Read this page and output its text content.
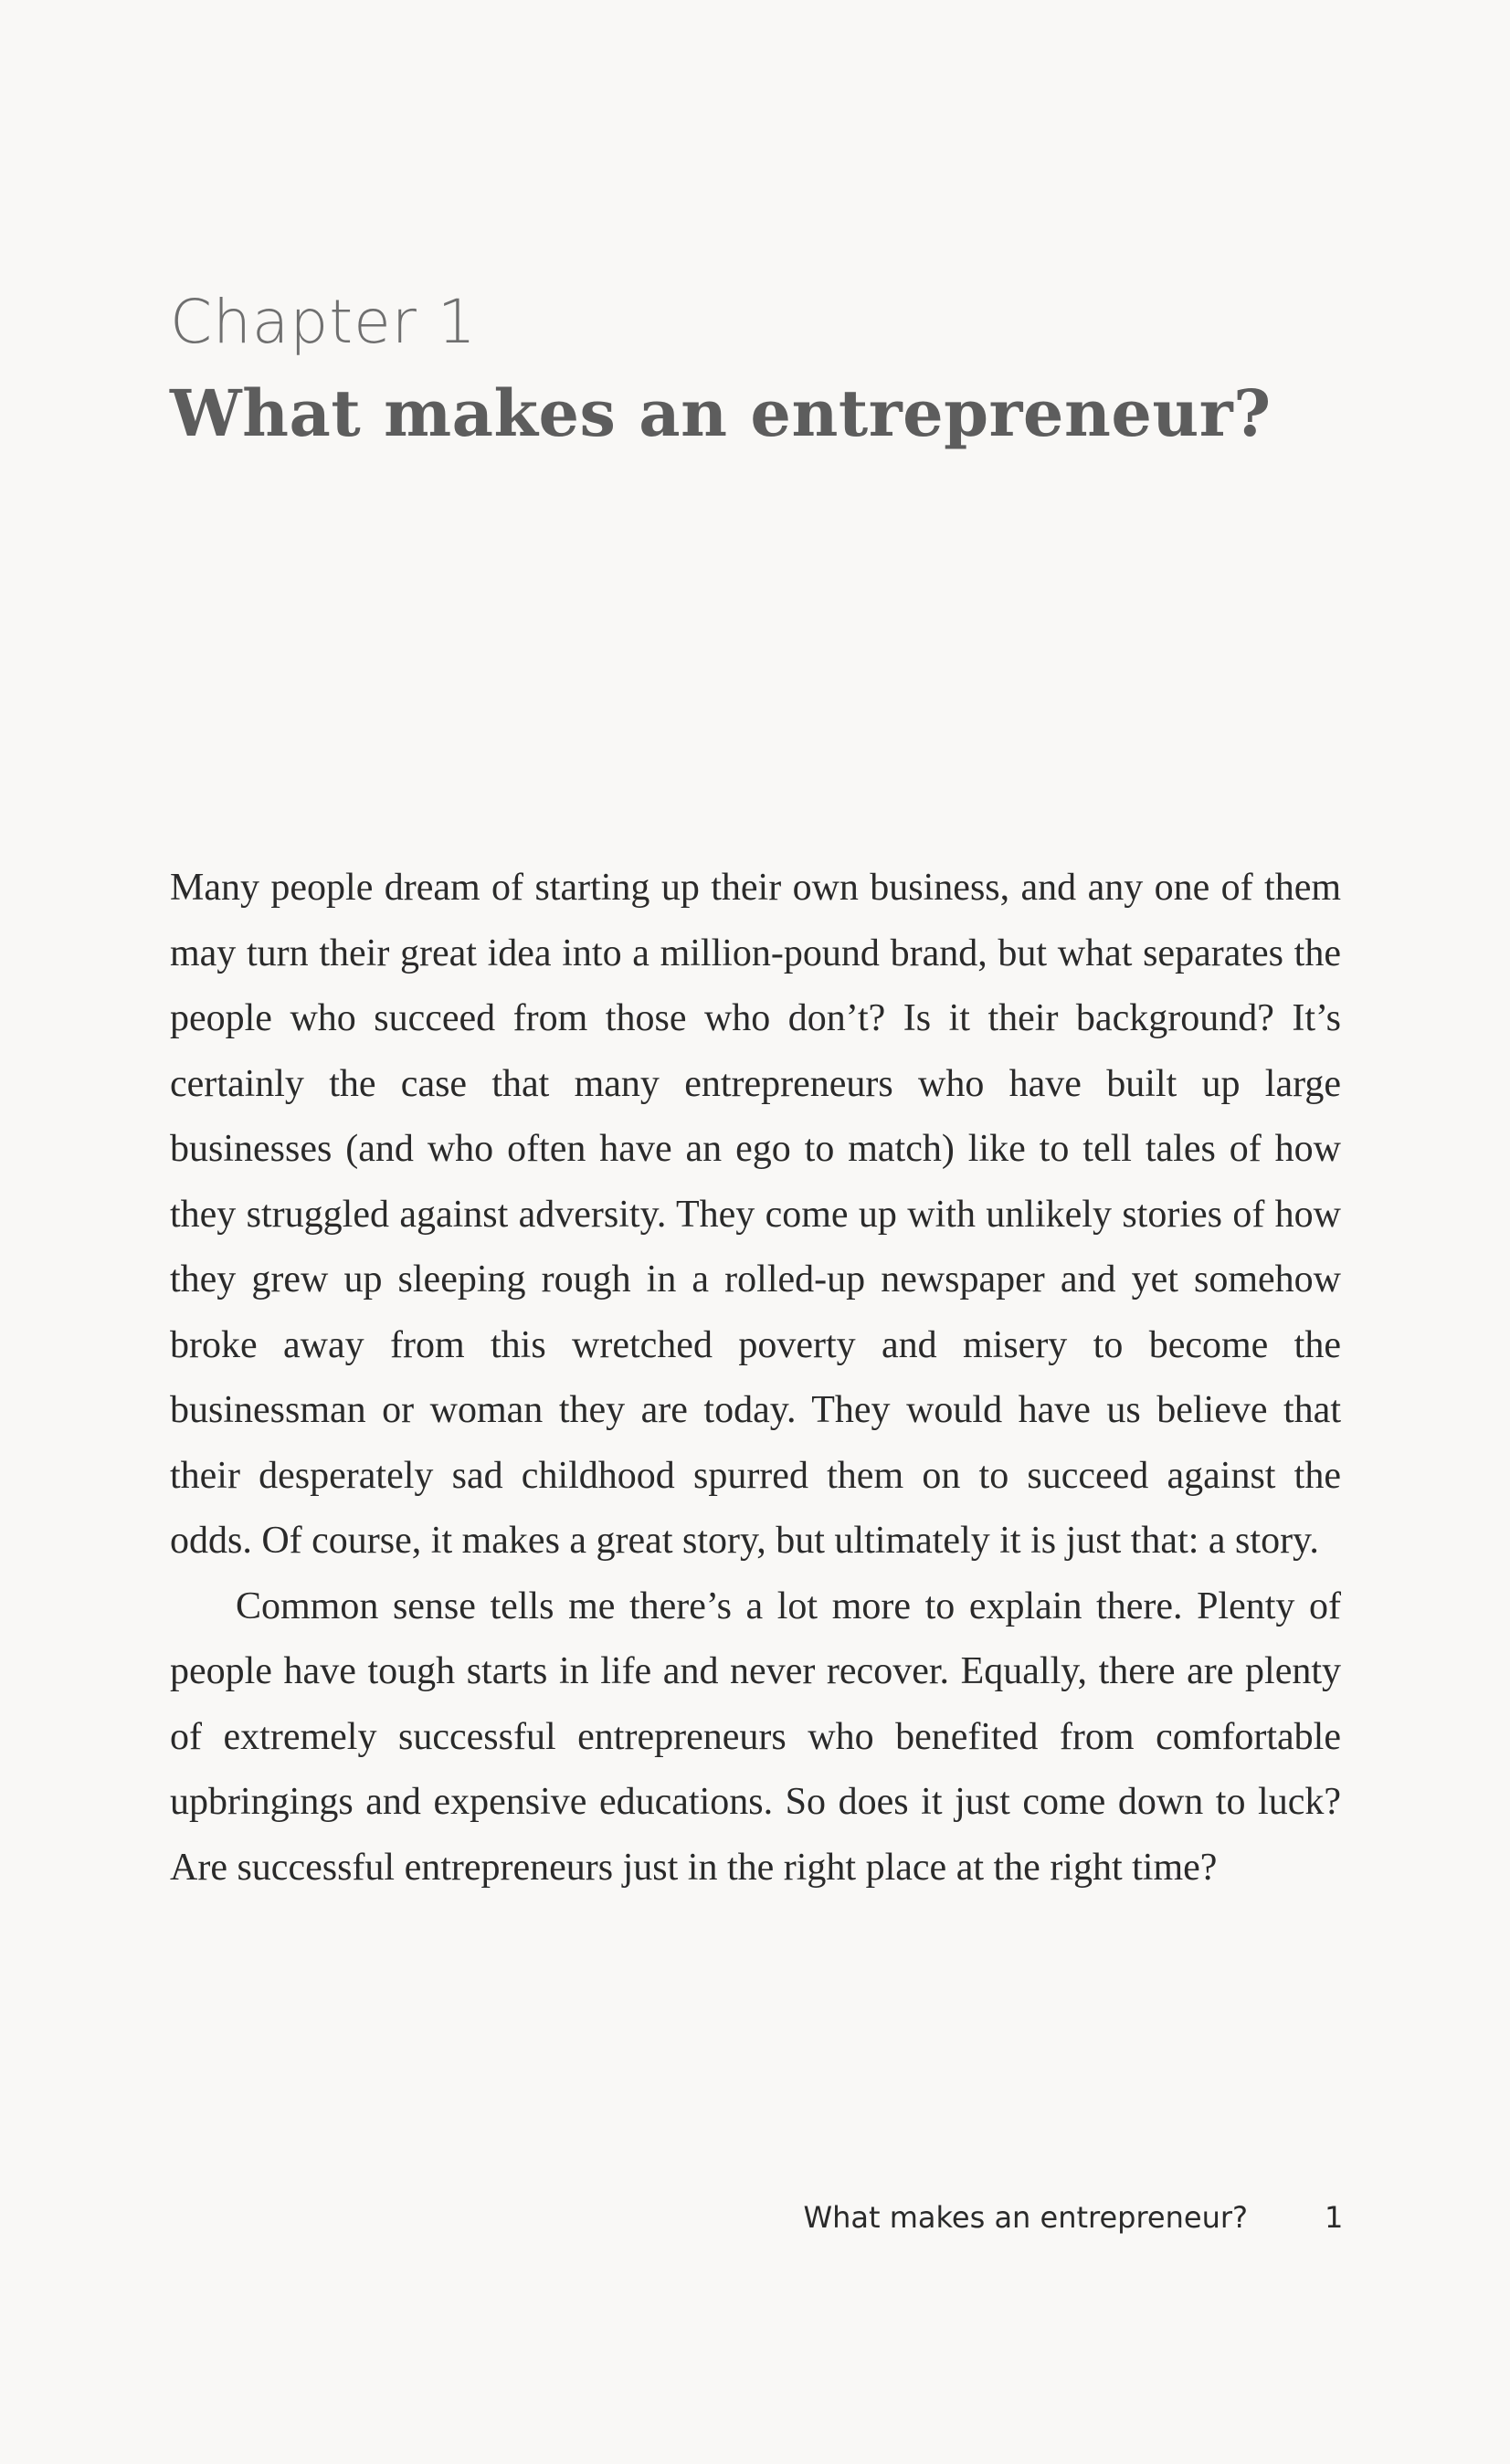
Chapter 1
What makes an entrepreneur?

Many people dream of starting up their own business, and any one of them may turn their great idea into a million-pound brand, but what separates the people who succeed from those who don’t? Is it their background? It’s certainly the case that many entrepreneurs who have built up large businesses (and who often have an ego to match) like to tell tales of how they struggled against adversity. They come up with unlikely stories of how they grew up sleeping rough in a rolled-up newspaper and yet somehow broke away from this wretched poverty and misery to become the businessman or woman they are today. They would have us believe that their desperately sad childhood spurred them on to succeed against the odds. Of course, it makes a great story, but ultimately it is just that: a story.

Common sense tells me there’s a lot more to explain there. Plenty of people have tough starts in life and never recover. Equally, there are plenty of extremely successful entrepreneurs who benefited from comfortable upbringings and expensive educations. So does it just come down to luck? Are successful entrepreneurs just in the right place at the right time?

What makes an entrepreneur?	1
